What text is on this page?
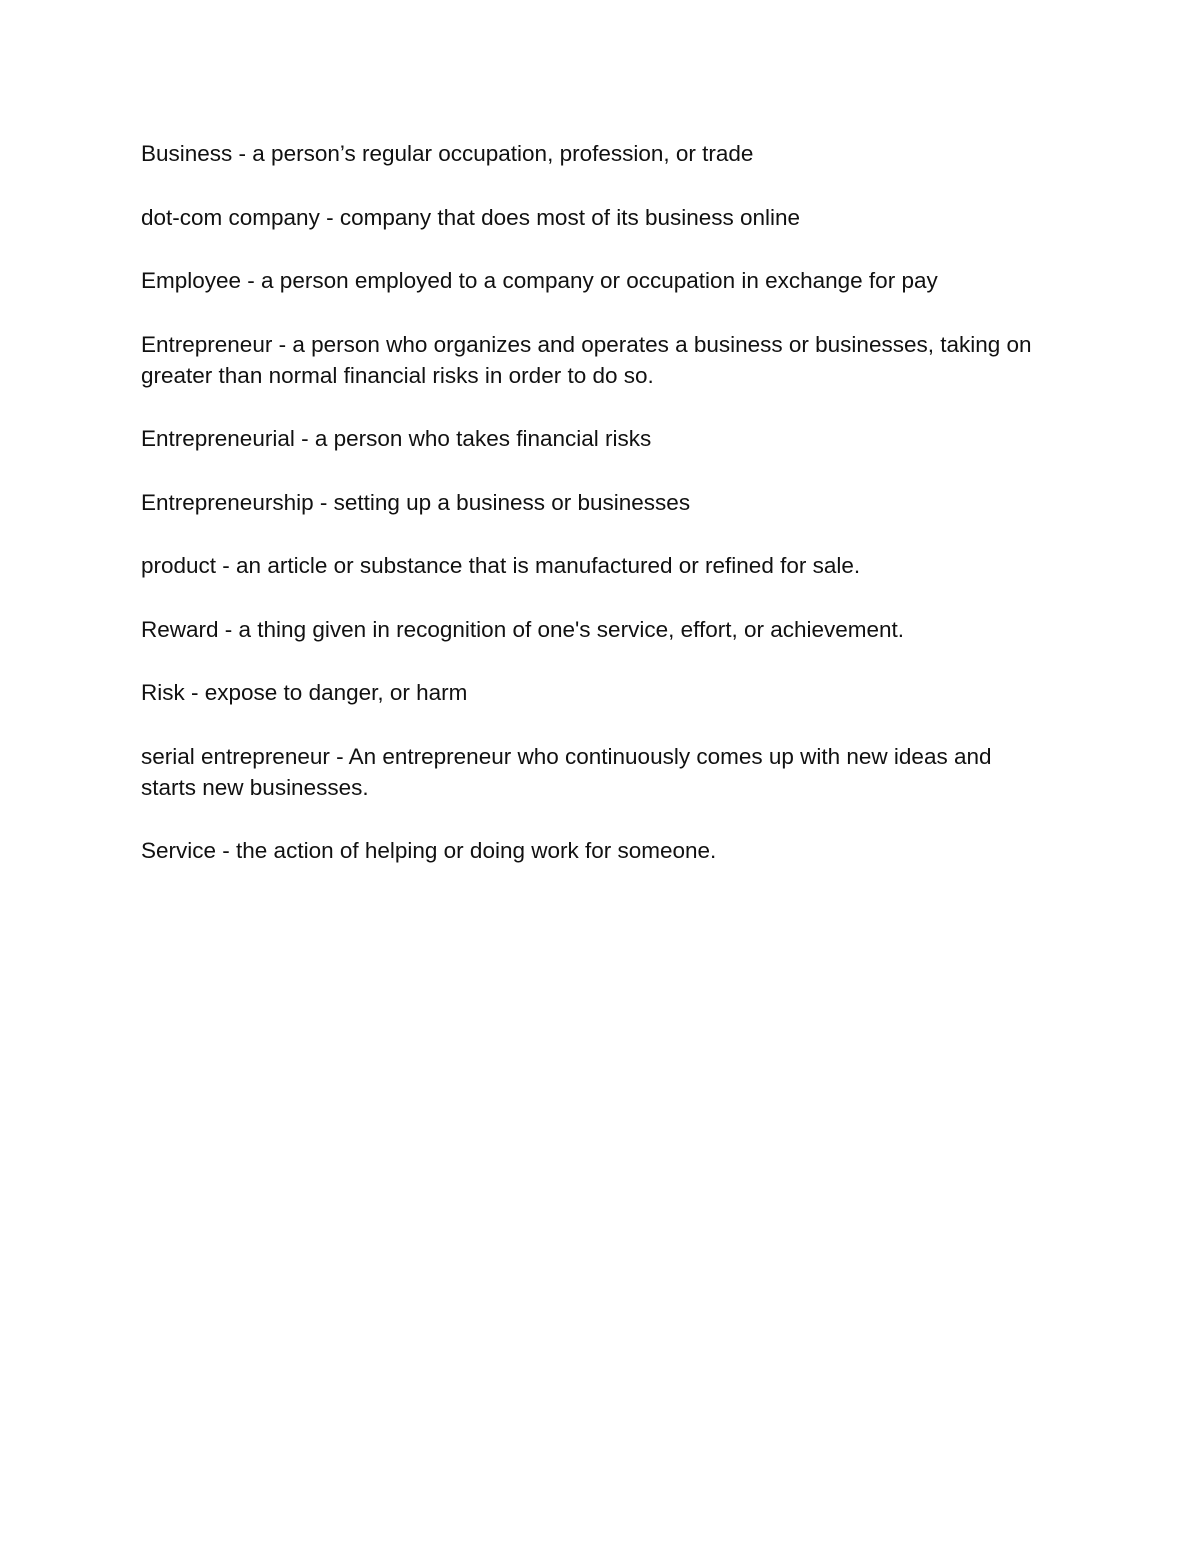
Business - a person’s regular occupation, profession, or trade
dot-com company - company that does most of its business online
Employee - a person employed to a company or occupation in exchange for pay
Entrepreneur - a person who organizes and operates a business or businesses, taking on greater than normal financial risks in order to do so.
Entrepreneurial - a person who takes financial risks
Entrepreneurship - setting up a business or businesses
product - an article or substance that is manufactured or refined for sale.
Reward - a thing given in recognition of one's service, effort, or achievement.
Risk - expose to danger, or harm
serial entrepreneur - An entrepreneur who continuously comes up with new ideas and starts new businesses.
Service - the action of helping or doing work for someone.
